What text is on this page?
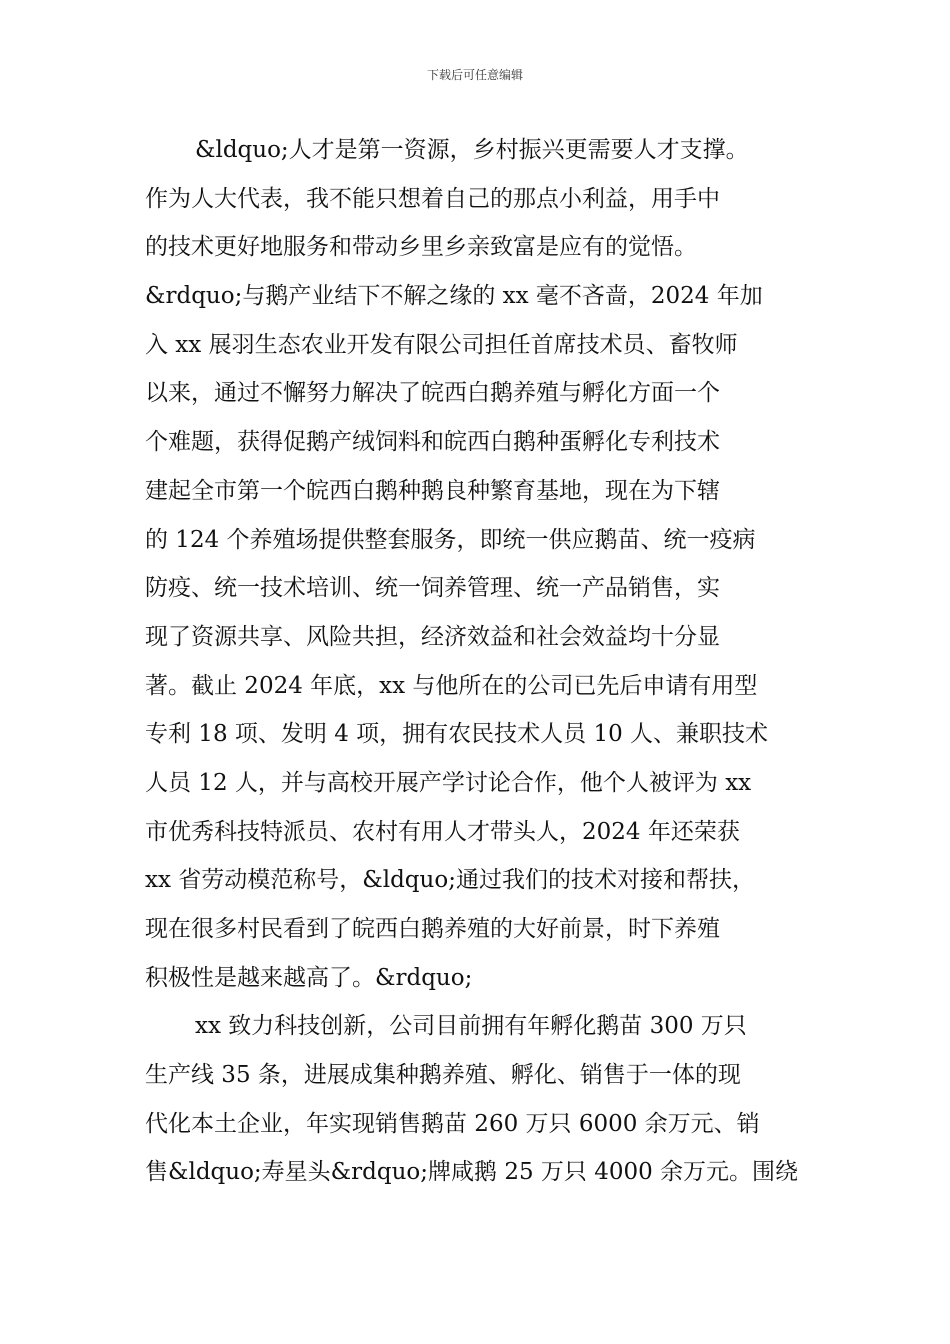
下载后可任意编辑
&ldquo;人才是第一资源，乡村振兴更需要人才支撑。
作为人大代表，我不能只想着自己的那点小利益，用手中
的技术更好地服务和带动乡里乡亲致富是应有的觉悟。
&rdquo;与鹅产业结下不解之缘的 xx 毫不吝啬，2024 年加
入 xx 展羽生态农业开发有限公司担任首席技术员、畜牧师
以来，通过不懈努力解决了皖西白鹅养殖与孵化方面一个
个难题，获得促鹅产绒饲料和皖西白鹅种蛋孵化专利技术
建起全市第一个皖西白鹅种鹅良种繁育基地，现在为下辖
的 124 个养殖场提供整套服务，即统一供应鹅苗、统一疫病
防疫、统一技术培训、统一饲养管理、统一产品销售，实
现了资源共享、风险共担，经济效益和社会效益均十分显
著。截止 2024 年底，xx 与他所在的公司已先后申请有用型
专利 18 项、发明 4 项，拥有农民技术人员 10 人、兼职技术
人员 12 人，并与高校开展产学讨论合作，他个人被评为 xx
市优秀科技特派员、农村有用人才带头人，2024 年还荣获
xx 省劳动模范称号，&ldquo;通过我们的技术对接和帮扶，
现在很多村民看到了皖西白鹅养殖的大好前景，时下养殖
积极性是越来越高了。&rdquo;
xx 致力科技创新，公司目前拥有年孵化鹅苗 300 万只
生产线 35 条，进展成集种鹅养殖、孵化、销售于一体的现
代化本土企业，年实现销售鹅苗 260 万只 6000 余万元、销
售&ldquo;寿星头&rdquo;牌咸鹅 25 万只 4000 余万元。围绕
